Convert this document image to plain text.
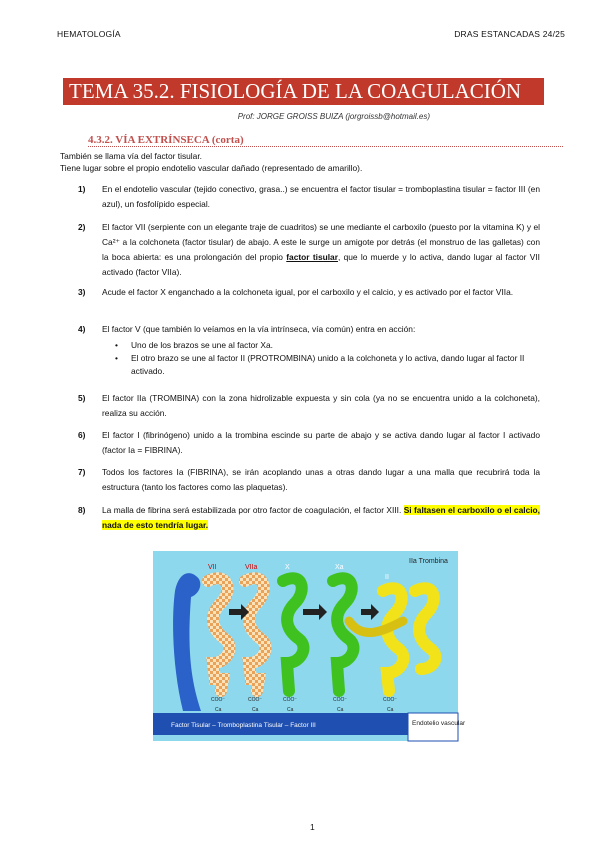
HEMATOLOGÍA	DRAS ESTANCADAS 24/25
TEMA 35.2. FISIOLOGÍA DE LA COAGULACIÓN
Prof: JORGE GROISS BUIZA (jorgroissb@hotmail.es)
4.3.2. VÍA EXTRÍNSECA (corta)
También se llama vía del factor tisular.
Tiene lugar sobre el propio endotelio vascular dañado (representado de amarillo).
1) En el endotelio vascular (tejido conectivo, grasa..) se encuentra el factor tisular = tromboplastina tisular = factor III (en azul), un fosfolípido especial.
2) El factor VII (serpiente con un elegante traje de cuadritos) se une mediante el carboxilo (puesto por la vitamina K) y el Ca²⁺ a la colchoneta (factor tisular) de abajo. A este le surge un amigote por detrás (el monstruo de las galletas) con la boca abierta: es una prolongación del propio factor tisular, que lo muerde y lo activa, dando lugar al factor VII activado (factor VIIa).
3) Acude el factor X enganchado a la colchoneta igual, por el carboxilo y el calcio, y es activado por el factor VIIa.
4) El factor V (que también lo veíamos en la vía intrínseca, vía común) entra en acción:
• Uno de los brazos se une al factor Xa.
• El otro brazo se une al factor II (PROTROMBINA) unido a la colchoneta y lo activa, dando lugar al factor II activado.
5) El factor IIa (TROMBINA) con la zona hidrolizable expuesta y sin cola (ya no se encuentra unido a la colchoneta), realiza su acción.
6) El factor I (fibrinógeno) unido a la trombina escinde su parte de abajo y se activa dando lugar al factor I activado (factor Ia = FIBRINA).
7) Todos los factores Ia (FIBRINA), se irán acoplando unas a otras dando lugar a una malla que recubrirá toda la estructura (tanto los factores como las plaquetas).
8) La malla de fibrina será estabilizada por otro factor de coagulación, el factor XIII. Si faltasen el carboxilo o el calcio, nada de esto tendría lugar.
VII	VIIa	X	Xa
II
IIa Trombina
COO⁻	COO⁻	COO⁻	COO⁻	COO⁻
Ca	Ca	Ca	Ca	Ca
Factor Tisular – Tromboplastina Tisular – Factor III	Endotelio vascular
1
